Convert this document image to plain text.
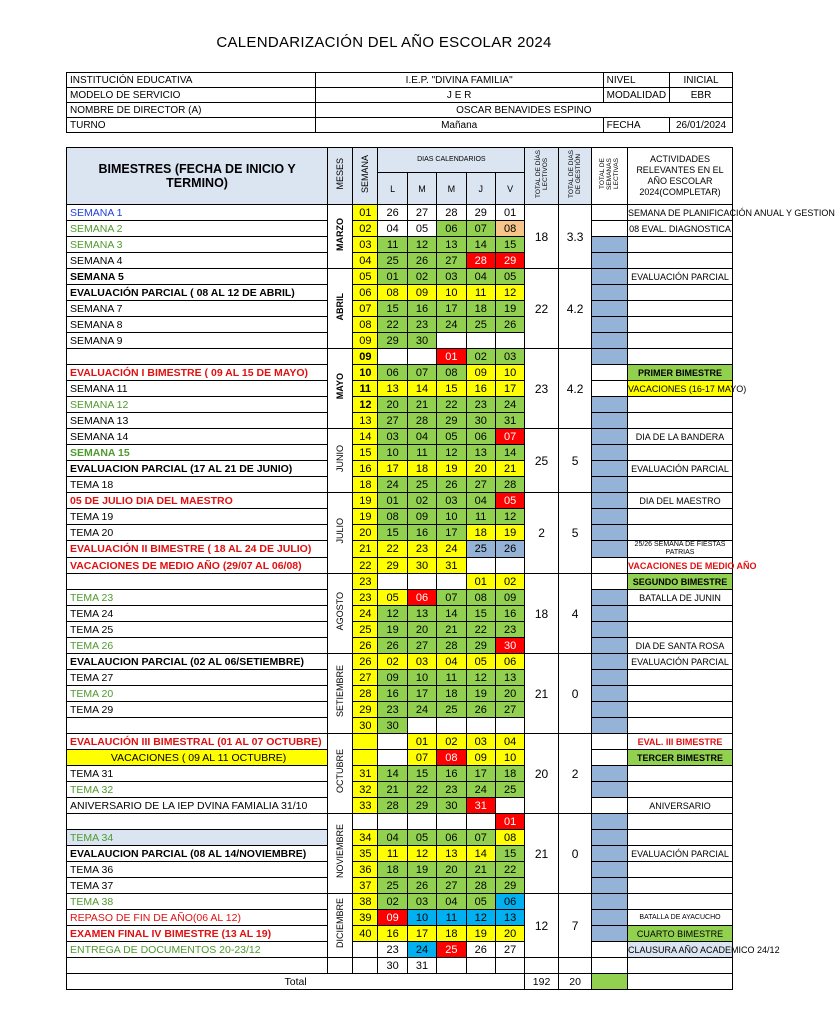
CALENDARIZACIÓN DEL AÑO ESCOLAR 2024
INSTITUCIÓN EDUCATIVA	I.E.P. "DIVINA FAMILIA"	NIVEL	INICIAL
MODELO DE SERVICIO	J E R	MODALIDAD	EBR
NOMBRE DE DIRECTOR (A)	OSCAR BENAVIDES ESPINO		
TURNO	Mañana	FECHA	26/01/2024
BIMESTRES (FECHA DE INICIO Y TERMINO)	MESES	SEMANA	DIAS CALENDARIOS					TOTAL DE DÍAS LECTIVOS	TOTAL DE DIAS DE GESTIÓN	TOTAL DE SEMANAS LECTIVAS	ACTIVIDADES RELEVANTES EN EL AÑO ESCOLAR 2024(COMPLETAR)
			L	M	M	J	V				
SEMANA 1	MARZO	01	26	27	28	29	01	18	3.3		SEMANA DE PLANIFICACIÓN ANUAL Y GESTION
SEMANA 2		02	04	05	06	07	08				08 EVAL. DIAGNOSTICA
SEMANA 3		03	11	12	13	14	15				
SEMANA 4		04	25	26	27	28	29				
SEMANA 5	ABRIL	05	01	02	03	04	05	22	4.2		EVALUACIÓN PARCIAL
EVALUACIÓN PARCIAL ( 08 AL 12 DE ABRIL)		06	08	09	10	11	12				
SEMANA 7		07	15	16	17	18	19				
SEMANA 8		08	22	23	24	25	26				
SEMANA 9		09	29	30							
	MAYO	09			01	02	03	23	4.2		
EVALUACIÓN I BIMESTRE ( 09 AL 15 DE MAYO)		10	06	07	08	09	10				PRIMER BIMESTRE
SEMANA 11		11	13	14	15	16	17				VACACIONES (16-17 MAYO)
SEMANA 12		12	20	21	22	23	24				
SEMANA 13		13	27	28	29	30	31				
SEMANA 14	JUNIO	14	03	04	05	06	07	25	5		DIA DE LA BANDERA
SEMANA 15		15	10	11	12	13	14				
EVALUACION PARCIAL (17 AL 21 DE JUNIO)		16	17	18	19	20	21				EVALUACIÓN PARCIAL
TEMA 18		18	24	25	26	27	28				
05 DE JULIO DIA DEL MAESTRO	JULIO	19	01	02	03	04	05	2	5		DIA DEL MAESTRO
TEMA 19		19	08	09	10	11	12				
TEMA 20		20	15	16	17	18	19				
EVALUACIÓN II BIMESTRE ( 18 AL 24 DE JULIO)		21	22	23	24	25	26				25/26 SEMANA DE FIESTAS PATRIAS
VACACIONES DE MEDIO AÑO (29/07 AL 06/08)		22	29	30	31						VACACIONES DE MEDIO AÑO
	AGOSTO	23				01	02	18	4		SEGUNDO BIMESTRE
TEMA 23		23	05	06	07	08	09				BATALLA DE JUNIN
TEMA 24		24	12	13	14	15	16				
TEMA 25		25	19	20	21	22	23				
TEMA 26		26	26	27	28	29	30				DIA DE SANTA ROSA
EVALAUCION PARCIAL (02 AL 06/SETIEMBRE)	SETIEMBRE	26	02	03	04	05	06	21	0		EVALUACIÓN PARCIAL
TEMA 27		27	09	10	11	12	13				
TEMA 20		28	16	17	18	19	20				
TEMA 29		29	23	24	25	26	27				
		30	30								
EVALAUCIÓN III BIMESTRAL (01 AL 07 OCTUBRE)	OCTUBRE			01	02	03	04	20	2		EVAL. III BIMESTRE
VACACIONES ( 09 AL 11 OCTUBRE)				07	08	09	10				TERCER BIMESTRE
TEMA 31		31	14	15	16	17	18				
TEMA 32		32	21	22	23	24	25				
ANIVERSARIO DE LA IEP DVINA FAMIALIA 31/10		33	28	29	30	31					ANIVERSARIO
	NOVIEMBRE						01	21	0		
TEMA 34		34	04	05	06	07	08				
EVALAUCION PARCIAL (08 AL 14/NOVIEMBRE)		35	11	12	13	14	15				EVALUACIÓN PARCIAL
TEMA 36		36	18	19	20	21	22				
TEMA 37		37	25	26	27	28	29				
TEMA 38	DICIEMBRE	38	02	03	04	05	06	12	7		
REPASO DE FIN DE AÑO(06 AL 12)		39	09	10	11	12	13				BATALLA DE AYACUCHO
EXAMEN FINAL IV BIMESTRE (13 AL 19)		40	16	17	18	19	20				CUARTO BIMESTRE
ENTREGA DE DOCUMENTOS 20-23/12			23	24	25	26	27				CLAUSURA AÑO ACADEMICO 24/12
			30	31							
Total								192	20		
